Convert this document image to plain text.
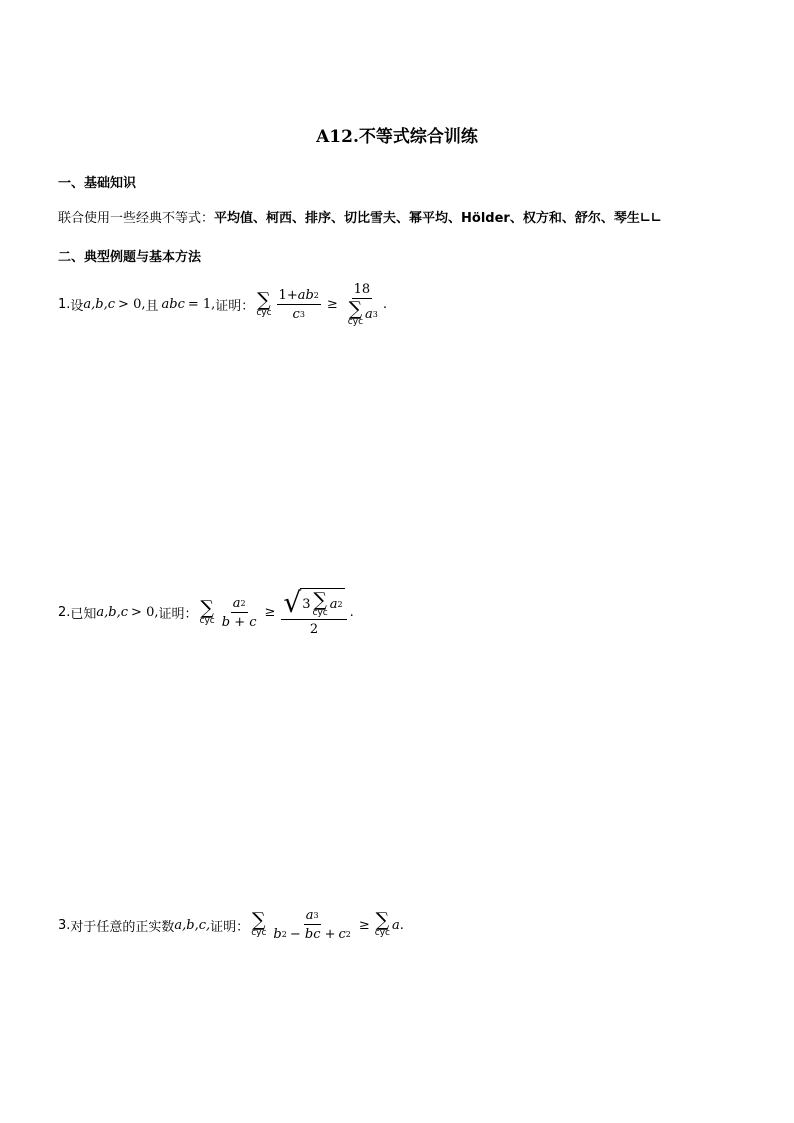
A12.不等式综合训练
一、基础知识
联合使用一些经典不等式：平均值、柯西、排序、切比雪夫、幂平均、Hölder、权方和、舒尔、琴生∟∟
二、典型例题与基本方法
1. 设 a,b,c > 0, 且 abc = 1, 证明： ∑
cyc $\frac{1+ ab 2}{c 3} \ge 18$
∑
cyc
a 3 .
2. 已知 a,b,c > 0, 证明： ∑
cyc $\frac{a 2}{b + c}$ ≥ √ 3 ∑
cyc
a 2
2
.
3. 对于任意的正实数 a,b,c, 证明： ∑
cyc $\frac{a 3}{b 2 - bc + c 2}$ ≥ ∑
cyc
a .
